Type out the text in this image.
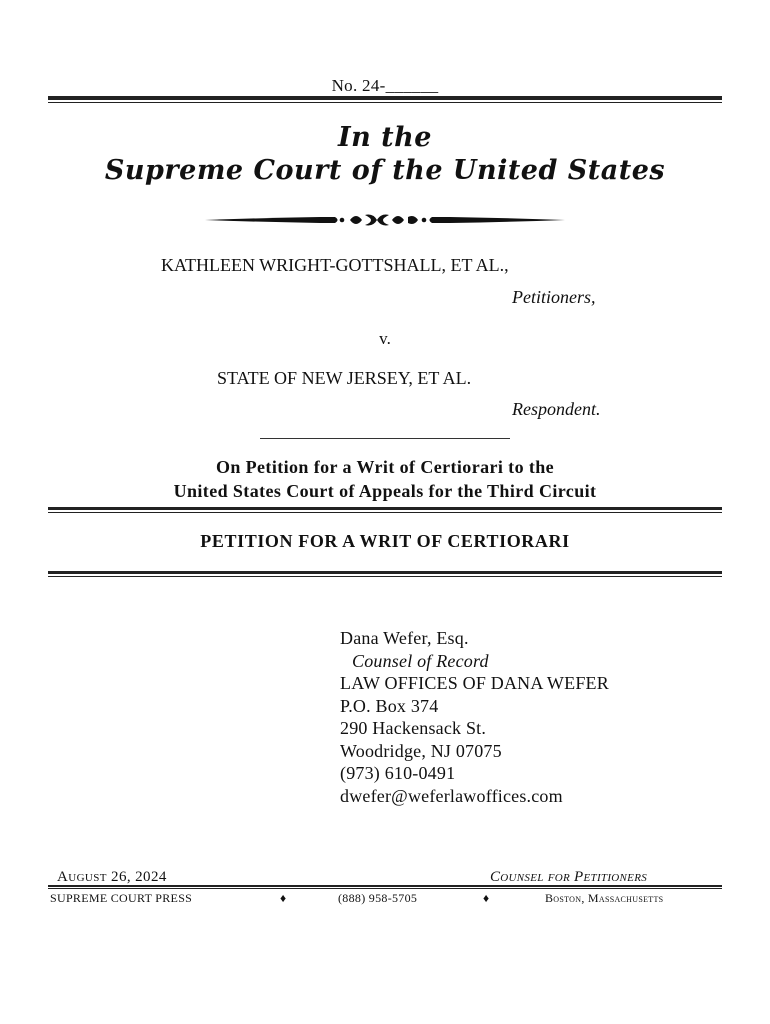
No. 24-______
In the
Supreme Court of the United States
KATHLEEN WRIGHT-GOTTSHALL, ET AL.,
Petitioners,
v.
STATE OF NEW JERSEY, ET AL.
Respondent.
On Petition for a Writ of Certiorari to the
United States Court of Appeals for the Third Circuit
PETITION FOR A WRIT OF CERTIORARI
Dana Wefer, Esq.
Counsel of Record
LAW OFFICES OF DANA WEFER
P.O. Box 374
290 Hackensack St.
Woodridge, NJ 07075
(973) 610-0491
dwefer@weferlawoffices.com
August 26, 2024	Counsel for Petitioners
SUPREME COURT PRESS	♦	(888) 958-5705	♦	Boston, Massachusetts
